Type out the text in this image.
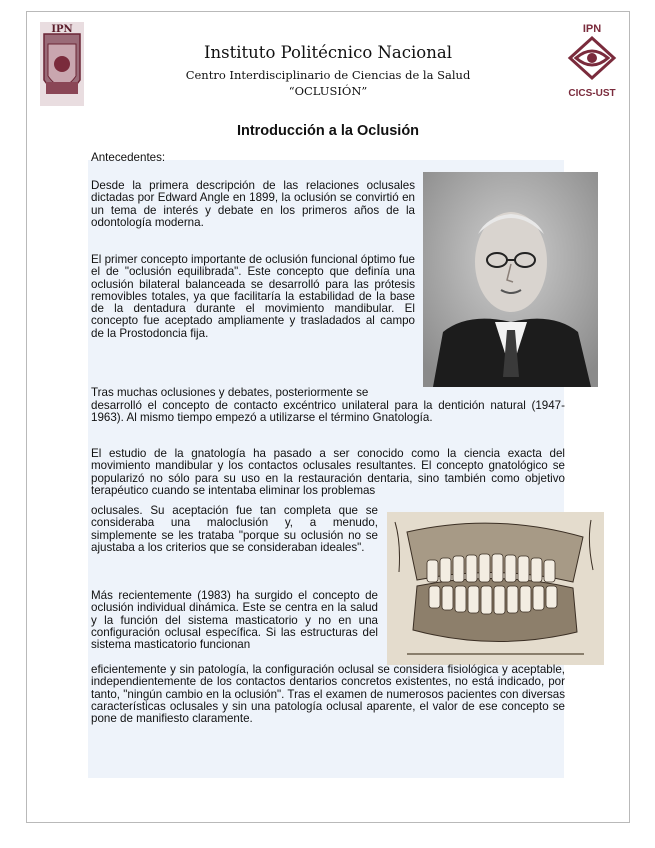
IPN	IPN
CICS-UST
Instituto Politécnico Nacional
Centro Interdisciplinario de Ciencias de la Salud
“OCLUSIÓN”
Introducción a la Oclusión

Antecedentes:

Desde la primera descripción de las relaciones oclusales dictadas por Edward Angle en 1899, la oclusión se convirtió en un tema de interés y debate en los primeros años de la odontología moderna.

El primer concepto importante de oclusión funcional óptimo fue el de "oclusión equilibrada". Este concepto que definía una oclusión bilateral balanceada se desarrolló para las prótesis removibles totales, ya que facilitaría la estabilidad de la base de la dentadura durante el movimiento mandibular. El concepto fue aceptado ampliamente y trasladados al campo de la Prostodoncia fija.

Tras muchas oclusiones y debates, posteriormente se

desarrolló el concepto de contacto excéntrico unilateral para la dentición natural (1947-1963). Al mismo tiempo empezó a utilizarse el término Gnatología.

El estudio de la gnatología ha pasado a ser conocido como la ciencia exacta del movimiento mandibular y los contactos oclusales resultantes. El concepto gnatológico se popularizó no sólo para su uso en la restauración dentaria, sino también como objetivo terapéutico cuando se intentaba eliminar los problemas

oclusales. Su aceptación fue tan completa que se consideraba una maloclusión y, a menudo, simplemente se les trataba "porque su oclusión no se ajustaba a los criterios que se consideraban ideales".

Más recientemente (1983) ha surgido el concepto de oclusión individual dinámica. Este se centra en la salud y la función del sistema masticatorio y no en una configuración oclusal específica. Si las estructuras del sistema masticatorio funcionan

eficientemente y sin patología, la configuración oclusal se considera fisiológica y aceptable, independientemente de los contactos dentarios concretos existentes, no está indicado, por tanto, "ningún cambio en la oclusión". Tras el examen de numerosos pacientes con diversas características oclusales y sin una patología oclusal aparente, el valor de ese concepto se pone de manifiesto claramente.
